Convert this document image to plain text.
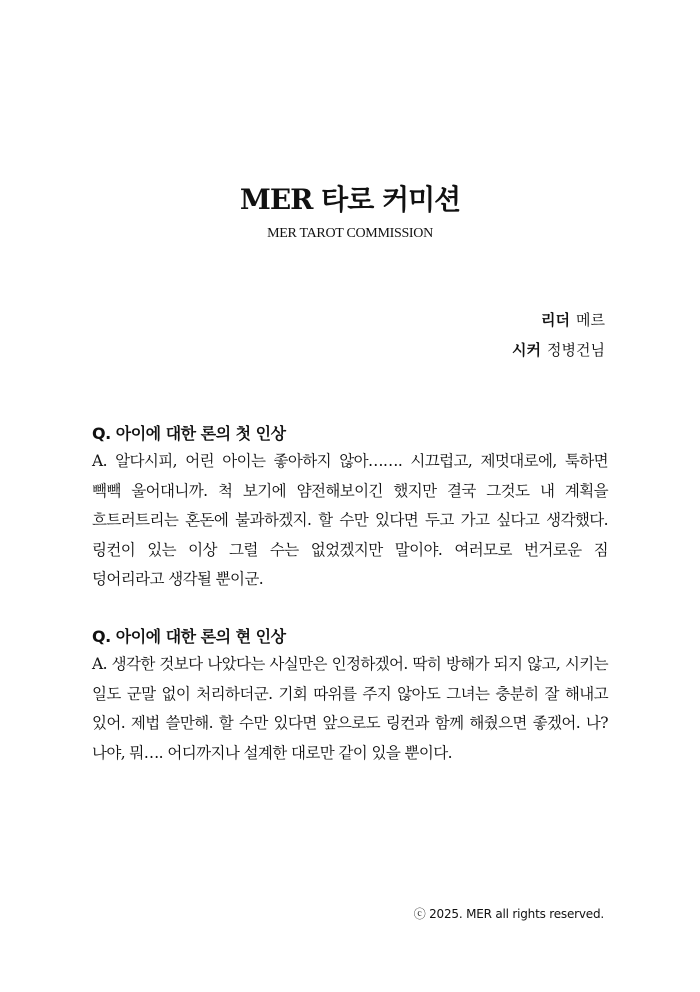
MER 타로 커미션
MER TAROT COMMISSION
리더 메르
시커 정병건님

Q. 아이에 대한 론의 첫 인상

A. 알다시피, 어린 아이는 좋아하지 않아……. 시끄럽고, 제멋대로에, 툭하면 빽빽 울어대니까. 척 보기에 얌전해보이긴 했지만 결국 그것도 내 계획을 흐트러트리는 혼돈에 불과하겠지. 할 수만 있다면 두고 가고 싶다고 생각했다. 링컨이 있는 이상 그럴 수는 없었겠지만 말이야. 여러모로 번거로운 짐 덩어리라고 생각될 뿐이군.

Q. 아이에 대한 론의 현 인상

A. 생각한 것보다 나았다는 사실만은 인정하겠어. 딱히 방해가 되지 않고, 시키는 일도 군말 없이 처리하더군. 기회 따위를 주지 않아도 그녀는 충분히 잘 해내고 있어. 제법 쓸만해. 할 수만 있다면 앞으로도 링컨과 함께 해줬으면 좋겠어. 나? 나야, 뭐…. 어디까지나 설계한 대로만 같이 있을 뿐이다.

ⓒ 2025. MER all rights reserved.
